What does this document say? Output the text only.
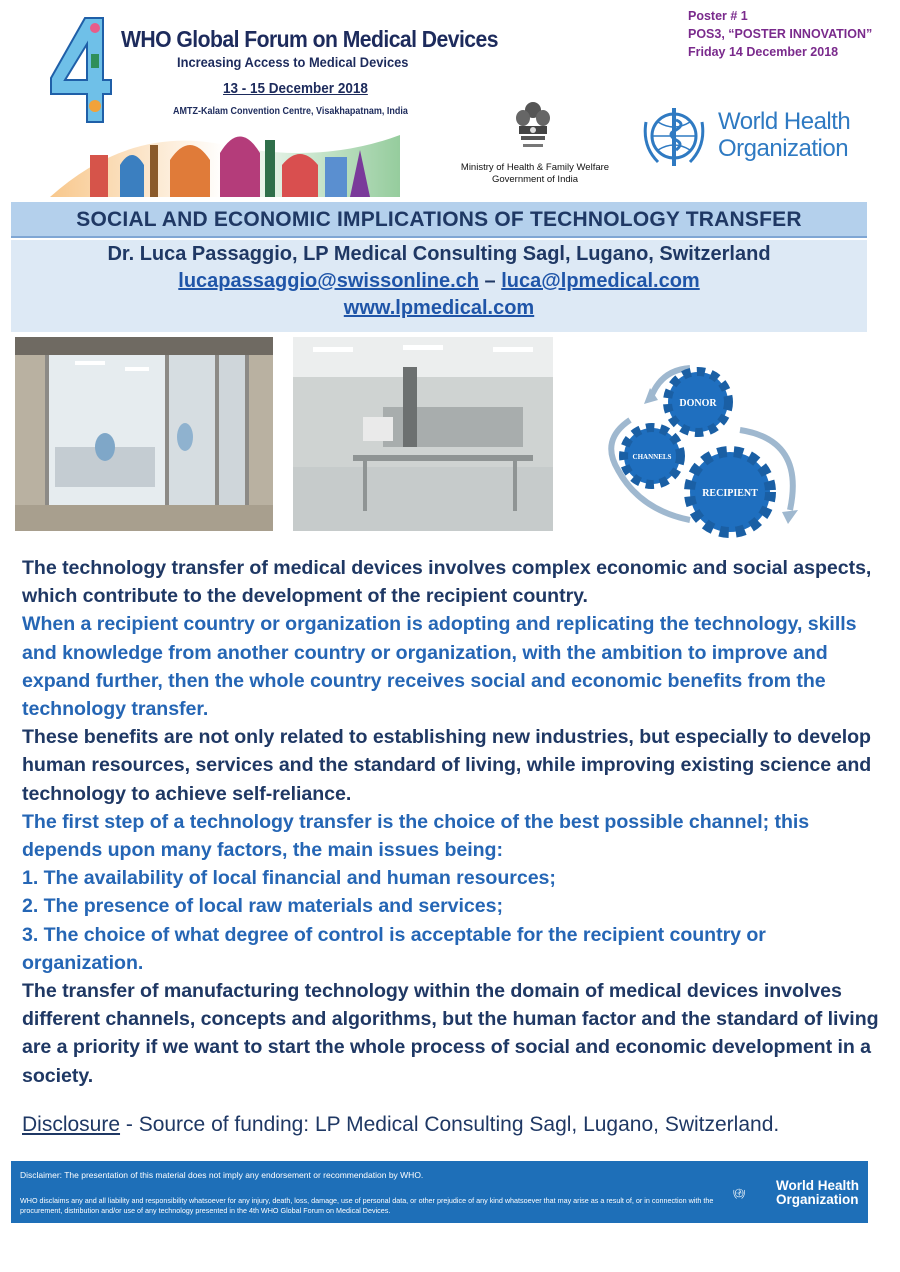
WHO Global Forum on Medical Devices
Increasing Access to Medical Devices
13 - 15 December 2018
AMTZ-Kalam Convention Centre, Visakhapatnam, India
Ministry of Health & Family Welfare
Government of India
World Health
Organization
Poster # 1
POS3, “POSTER INNOVATION”
Friday 14 December 2018
SOCIAL AND ECONOMIC IMPLICATIONS OF TECHNOLOGY TRANSFER
Dr. Luca Passaggio, LP Medical Consulting Sagl, Lugano, Switzerland
lucapassaggio@swissonline.ch – luca@lpmedical.com
www.lpmedical.com
DONOR
CHANNELS
RECIPIENT

The technology transfer of medical devices involves complex economic and social aspects, which contribute to the development of the recipient country.

When a recipient country or organization is adopting and replicating the technology, skills and knowledge from another country or organization, with the ambition to improve and expand further, then the whole country receives social and economic benefits from the technology transfer.

These benefits are not only related to establishing new industries, but especially to develop human resources, services and the standard of living, while improving existing science and technology to achieve self-reliance.

The first step of a technology transfer is the choice of the best possible channel; this depends upon many factors, the main issues being:

1. The availability of local financial and human resources;

2. The presence of local raw materials and services;

3. The choice of what degree of control is acceptable for the recipient country or organization.

The transfer of manufacturing technology within the domain of medical devices involves different channels, concepts and algorithms, but the human factor and the standard of living are a priority if we want to start the whole process of social and economic development in a society.

Disclosure - Source of funding: LP Medical Consulting Sagl, Lugano, Switzerland.
Disclaimer: The presentation of this material does not imply any endorsement or recommendation by WHO.
WHO disclaims any and all liability and responsibility whatsoever for any injury, death, loss, damage, use of personal data, or other prejudice of any kind whatsoever that may arise as a result of, or in connection with the procurement, distribution and/or use of any technology presented in the 4th WHO Global Forum on Medical Devices.
World Health
Organization
